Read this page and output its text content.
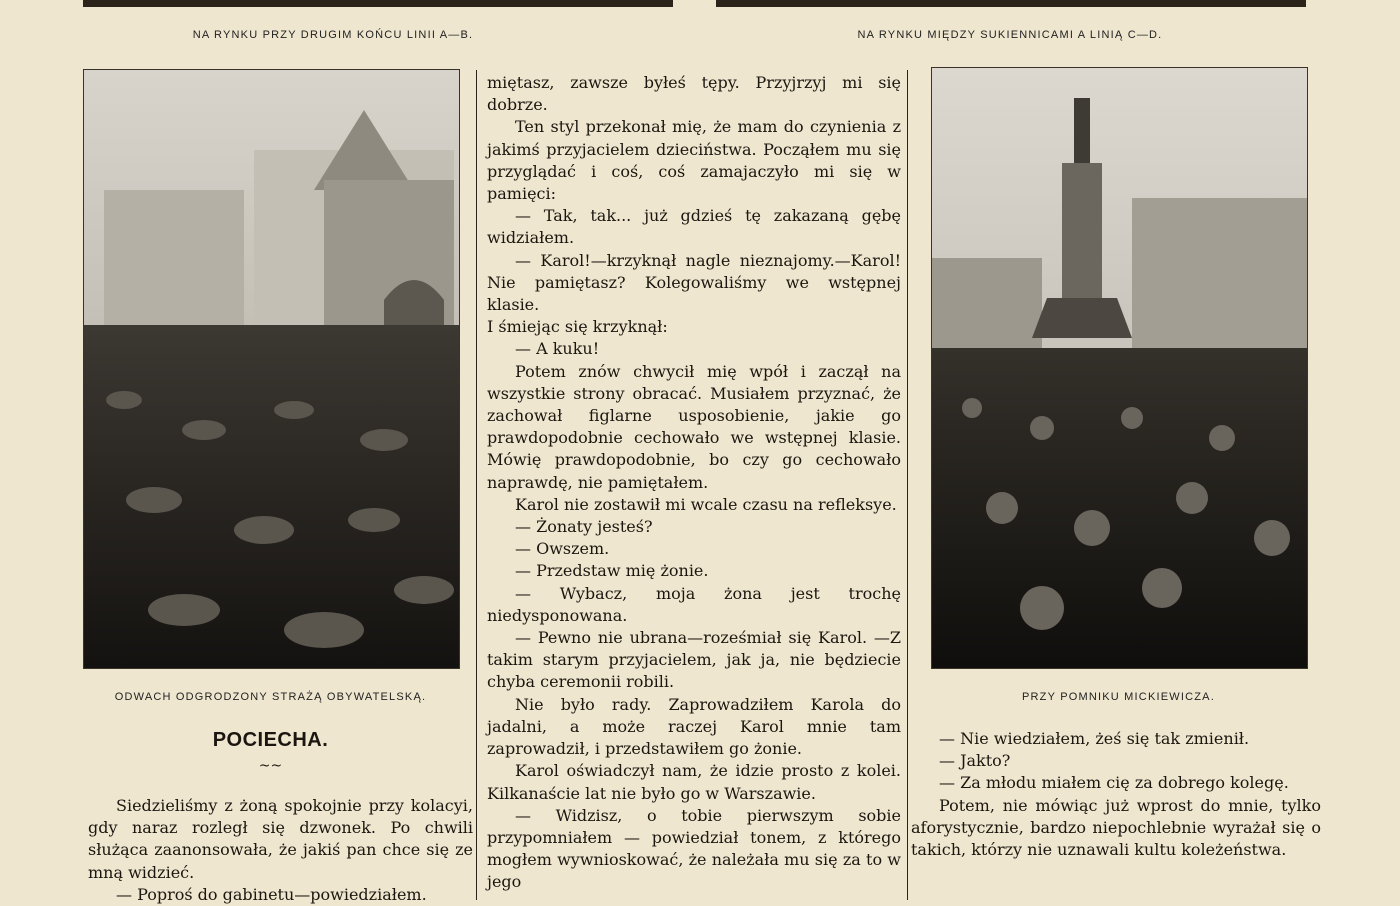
NA RYNKU PRZY DRUGIM KOŃCU LINII A—B.	NA RYNKU MIĘDZY SUKIENNICAMI A LINIĄ C—D.
ODWACH ODGRODZONY STRAŻĄ OBYWATELSKĄ.	PRZY POMNIKU MICKIEWICZA.
POCIECHA.
~~

Siedzieliśmy z żoną spokojnie przy kolacyi, gdy naraz rozległ się dzwonek. Po chwili służąca zaanonsowała, że jakiś pan chce się ze mną widzieć.

— Poproś do gabinetu—powiedziałem.

miętasz, zawsze byłeś tępy. Przyjrzyj mi się dobrze.

Ten styl przekonał mię, że mam do czynienia z jakimś przyjacielem dzieciństwa. Począłem mu się przyglądać i coś, coś zamajaczyło mi się w pamięci:

— Tak, tak... już gdzieś tę zakazaną gębę widziałem.

— Karol!—krzyknął nagle nieznajomy.—Karol! Nie pamiętasz? Kolegowaliśmy we wstępnej klasie.

I śmiejąc się krzyknął:

— A kuku!

Potem znów chwycił mię wpół i zaczął na wszystkie strony obracać. Musiałem przyznać, że zachował figlarne usposobienie, jakie go prawdopodobnie cechowało we wstępnej klasie. Mówię prawdopodobnie, bo czy go cechowało naprawdę, nie pamiętałem.

Karol nie zostawił mi wcale czasu na refleksye.

— Żonaty jesteś?

— Owszem.

— Przedstaw mię żonie.

— Wybacz, moja żona jest trochę niedysponowana.

— Pewno nie ubrana—roześmiał się Karol. —Z takim starym przyjacielem, jak ja, nie będziecie chyba ceremonii robili.

Nie było rady. Zaprowadziłem Karola do jadalni, a może raczej Karol mnie tam zaprowadził, i przedstawiłem go żonie.

Karol oświadczył nam, że idzie prosto z kolei. Kilkanaście lat nie było go w Warszawie.

— Widzisz, o tobie pierwszym sobie przypomniałem — powiedział tonem, z którego mogłem wywnioskować, że należała mu się za to w jego

— Nie wiedziałem, żeś się tak zmienił.

— Jakto?

— Za młodu miałem cię za dobrego kolegę.

Potem, nie mówiąc już wprost do mnie, tylko aforystycznie, bardzo niepochlebnie wyrażał się o takich, którzy nie uznawali kultu koleżeństwa.
